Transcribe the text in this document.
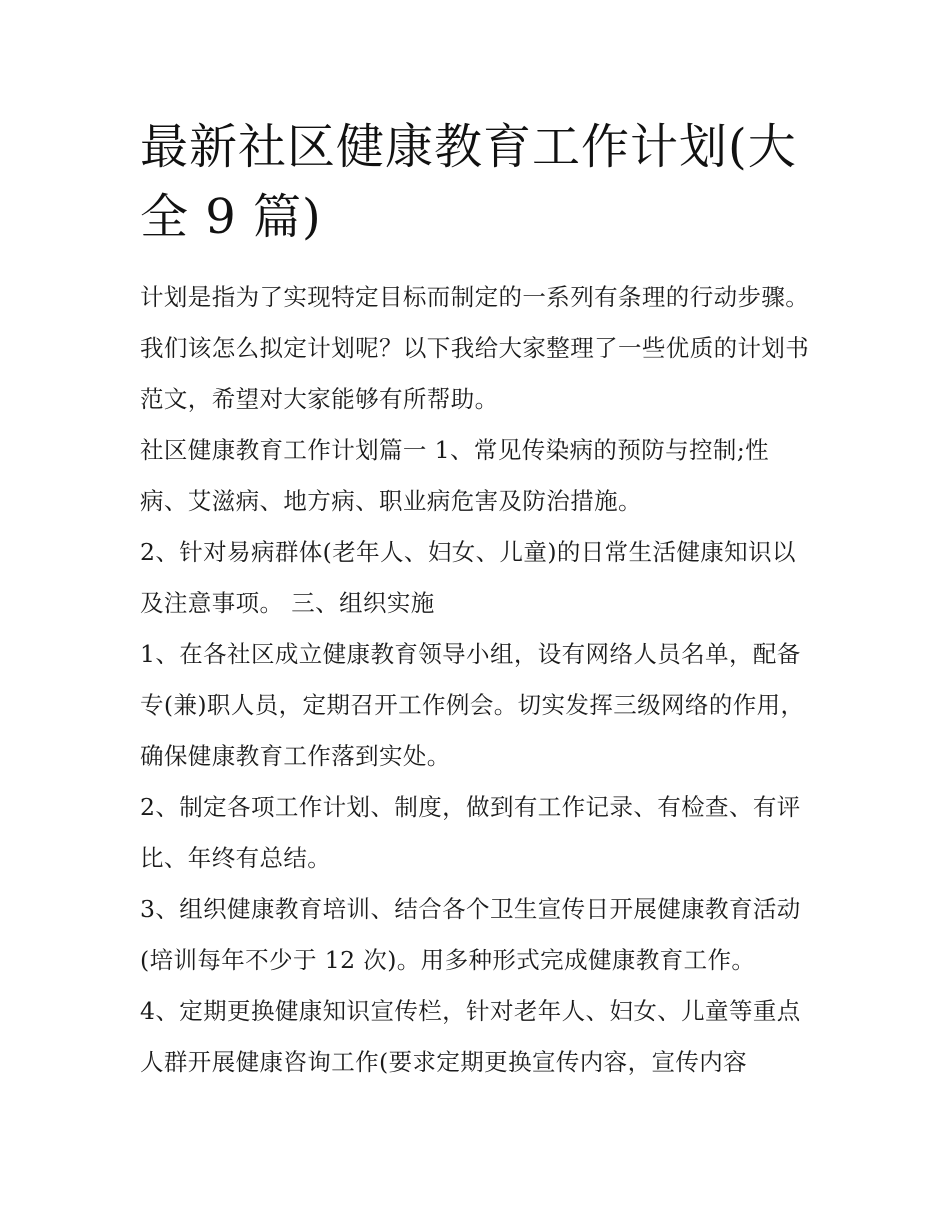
最新社区健康教育工作计划(大全 9 篇)

计划是指为了实现特定目标而制定的一系列有条理的行动步骤。我们该怎么拟定计划呢？以下我给大家整理了一些优质的计划书范文，希望对大家能够有所帮助。

社区健康教育工作计划篇一 1、常见传染病的预防与控制;性病、艾滋病、地方病、职业病危害及防治措施。

2、针对易病群体(老年人、妇女、儿童)的日常生活健康知识以及注意事项。 三、组织实施

1、在各社区成立健康教育领导小组，设有网络人员名单，配备专(兼)职人员，定期召开工作例会。切实发挥三级网络的作用，确保健康教育工作落到实处。

2、制定各项工作计划、制度，做到有工作记录、有检查、有评比、年终有总结。

3、组织健康教育培训、结合各个卫生宣传日开展健康教育活动(培训每年不少于 12 次)。用多种形式完成健康教育工作。

4、定期更换健康知识宣传栏，针对老年人、妇女、儿童等重点人群开展健康咨询工作(要求定期更换宣传内容，宣传内容
